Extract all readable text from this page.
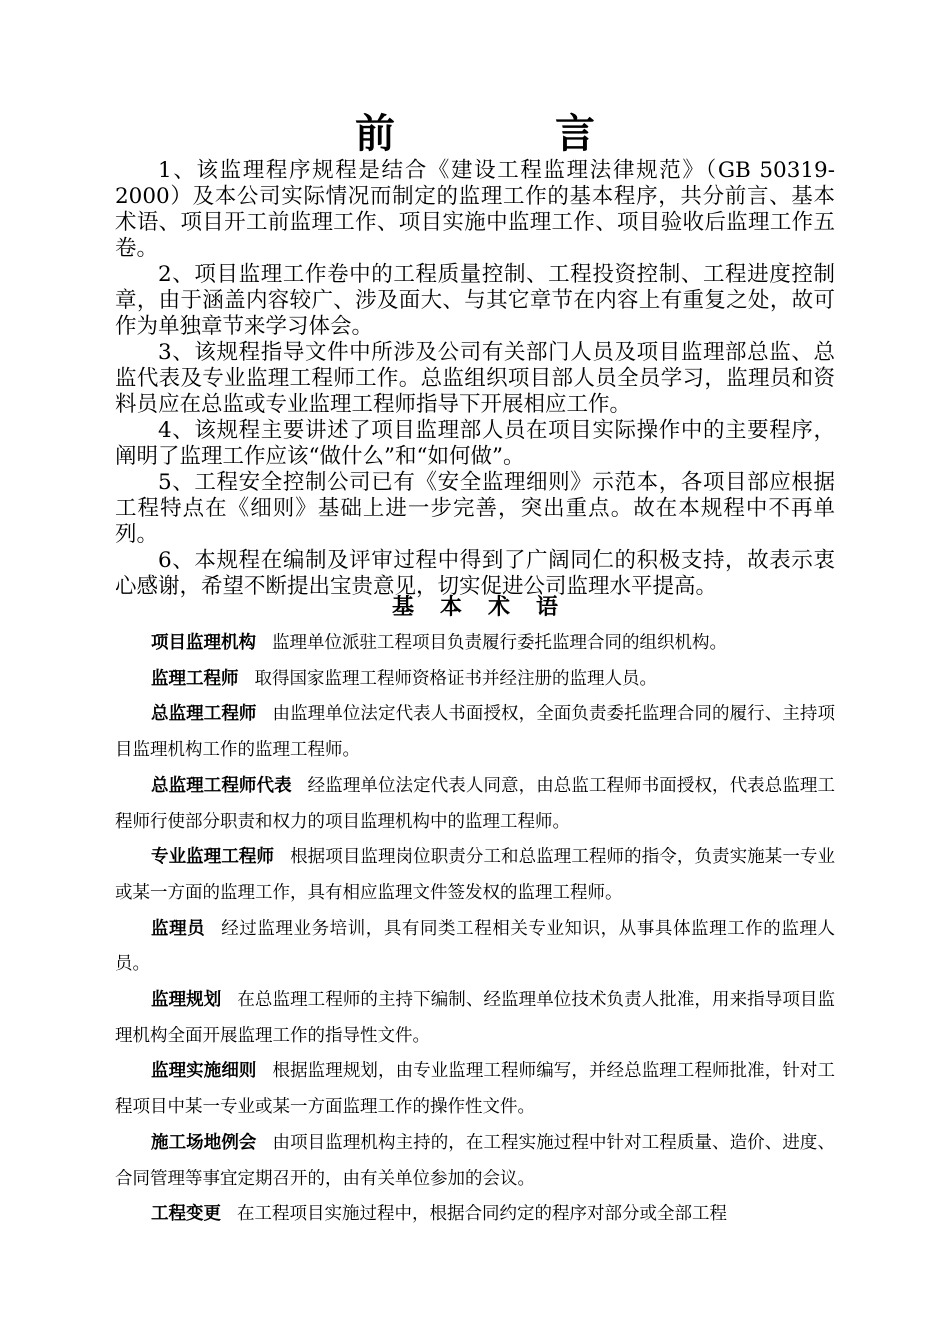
前　言

1、该监理程序规程是结合《建设工程监理法律规范》（GB 50319-2000）及本公司实际情况而制定的监理工作的基本程序，共分前言、基本术语、项目开工前监理工作、项目实施中监理工作、项目验收后监理工作五卷。

2、项目监理工作卷中的工程质量控制、工程投资控制、工程进度控制章，由于涵盖内容较广、涉及面大、与其它章节在内容上有重复之处，故可作为单独章节来学习体会。

3、该规程指导文件中所涉及公司有关部门人员及项目监理部总监、总监代表及专业监理工程师工作。总监组织项目部人员全员学习，监理员和资料员应在总监或专业监理工程师指导下开展相应工作。

4、该规程主要讲述了项目监理部人员在项目实际操作中的主要程序，阐明了监理工作应该“做什么”和“如何做”。

5、工程安全控制公司已有《安全监理细则》示范本，各项目部应根据工程特点在《细则》基础上进一步完善，突出重点。故在本规程中不再单列。

6、本规程在编制及评审过程中得到了广阔同仁的积极支持，故表示衷心感谢，希望不断提出宝贵意见，切实促进公司监理水平提高。

基本术语

项目监理机构 监理单位派驻工程项目负责履行委托监理合同的组织机构。

监理工程师 取得国家监理工程师资格证书并经注册的监理人员。

总监理工程师 由监理单位法定代表人书面授权，全面负责委托监理合同的履行、主持项目监理机构工作的监理工程师。

总监理工程师代表 经监理单位法定代表人同意，由总监工程师书面授权，代表总监理工程师行使部分职责和权力的项目监理机构中的监理工程师。

专业监理工程师 根据项目监理岗位职责分工和总监理工程师的指令，负责实施某一专业或某一方面的监理工作，具有相应监理文件签发权的监理工程师。

监理员 经过监理业务培训，具有同类工程相关专业知识，从事具体监理工作的监理人员。

监理规划 在总监理工程师的主持下编制、经监理单位技术负责人批准，用来指导项目监理机构全面开展监理工作的指导性文件。

监理实施细则 根据监理规划，由专业监理工程师编写，并经总监理工程师批准，针对工程项目中某一专业或某一方面监理工作的操作性文件。

施工场地例会 由项目监理机构主持的，在工程实施过程中针对工程质量、造价、进度、合同管理等事宜定期召开的，由有关单位参加的会议。

工程变更 在工程项目实施过程中，根据合同约定的程序对部分或全部工程
